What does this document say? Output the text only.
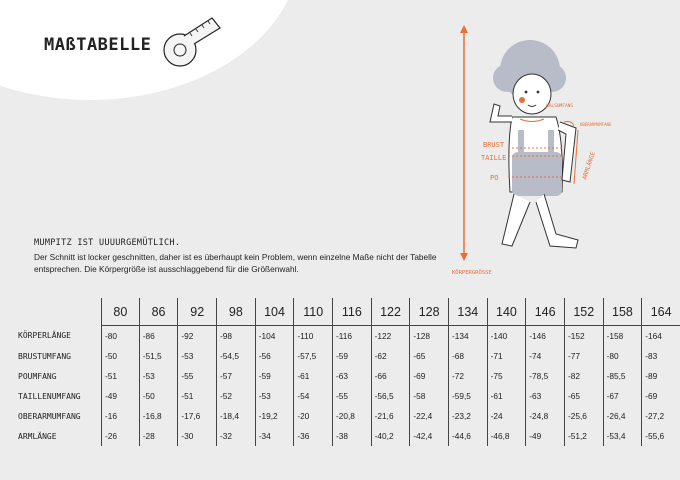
MAßTABELLE
HALSUMFANG
OBERARMUMFANG
BRUST
TAILLE
PO	ARMLÄNGE
KÖRPERGRÖSSE
MUMPITZ IST UUUURGEMÜTLICH.
Der Schnitt ist locker geschnitten, daher ist es überhaupt kein Problem, wenn einzelne Maße nicht der Tabelle entsprechen. Die Körpergröße ist ausschlaggebend für die Größenwahl.
	80	86	92	98	104	110	116	122	128	134	140	146	152	158	164
KÖRPERLÄNGE	-80	-86	-92	-98	-104	-110	-116	-122	-128	-134	-140	-146	-152	-158	-164
BRUSTUMFANG	-50	-51,5	-53	-54,5	-56	-57,5	-59	-62	-65	-68	-71	-74	-77	-80	-83
POUMFANG	-51	-53	-55	-57	-59	-61	-63	-66	-69	-72	-75	-78,5	-82	-85,5	-89
TAILLENUMFANG	-49	-50	-51	-52	-53	-54	-55	-56,5	-58	-59,5	-61	-63	-65	-67	-69
OBERARMUMFANG	-16	-16,8	-17,6	-18,4	-19,2	-20	-20,8	-21,6	-22,4	-23,2	-24	-24,8	-25,6	-26,4	-27,2
ARMLÄNGE	-26	-28	-30	-32	-34	-36	-38	-40,2	-42,4	-44,6	-46,8	-49	-51,2	-53,4	-55,6
